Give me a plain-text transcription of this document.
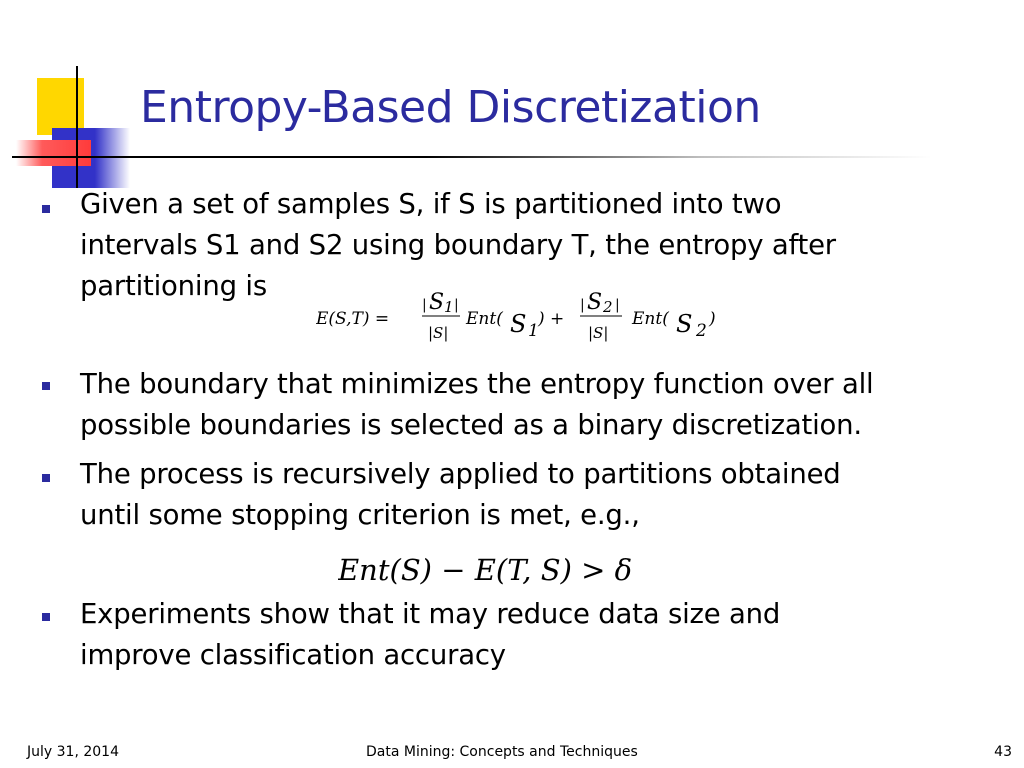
Entropy-Based Discretization

Given a set of samples S, if S is partitioned into two
intervals S1 and S2 using boundary T, the entropy after
partitioning is

E(S,T) =
| S 1 |
|S|
Ent( S 1
) +
| S 2 |
|S|
Ent( S 2
)

The boundary that minimizes the entropy function over all
possible boundaries is selected as a binary discretization.

The process is recursively applied to partitions obtained
until some stopping criterion is met, e.g.,

Ent(S) − E(T, S) > δ

Experiments show that it may reduce data size and
improve classification accuracy

July 31, 2014	Data Mining: Concepts and Techniques	43
